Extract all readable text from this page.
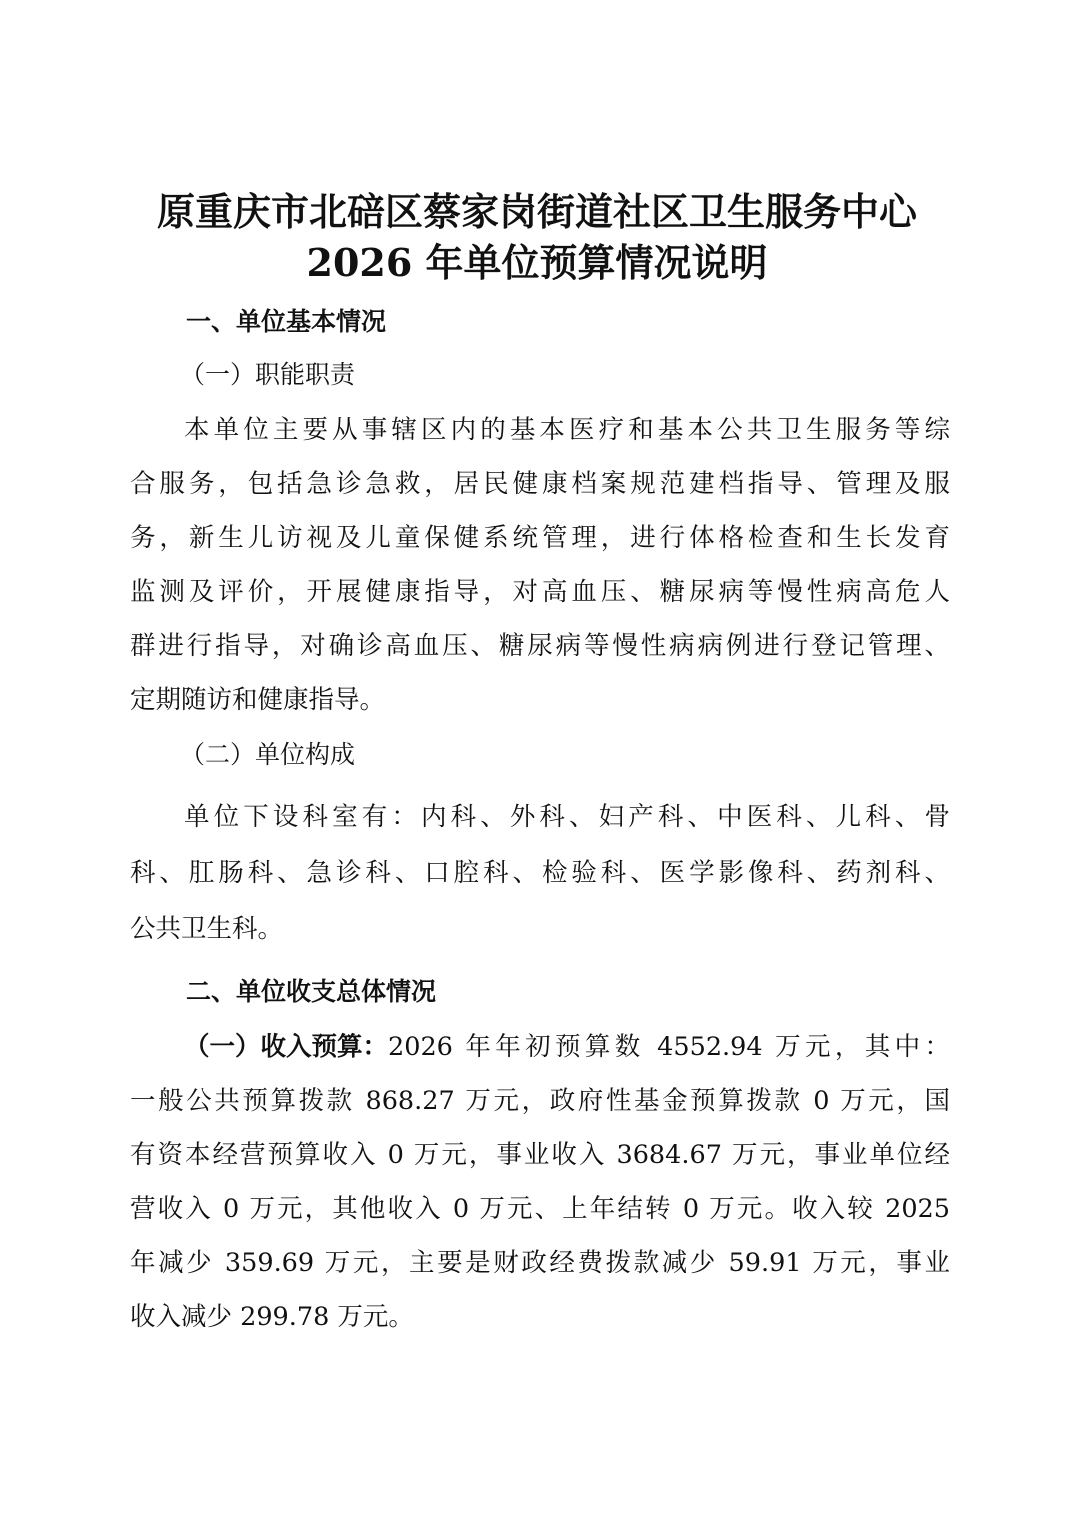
原重庆市北碚区蔡家岗街道社区卫生服务中心
2026 年单位预算情况说明
一、单位基本情况
（一）职能职责
本单位主要从事辖区内的基本医疗和基本公共卫生服务等综
合服务，包括急诊急救，居民健康档案规范建档指导、管理及服
务，新生儿访视及儿童保健系统管理，进行体格检查和生长发育
监测及评价，开展健康指导，对高血压、糖尿病等慢性病高危人
群进行指导，对确诊高血压、糖尿病等慢性病病例进行登记管理、
定期随访和健康指导。
（二）单位构成
单位下设科室有：内科、外科、妇产科、中医科、儿科、骨
科、肛肠科、急诊科、口腔科、检验科、医学影像科、药剂科、
公共卫生科。
二、单位收支总体情况
（一）收入预算： 2026 年年初预算数 4552.94 万元，其中：
一般公共预算拨款 868.27 万元，政府性基金预算拨款 0 万元，国
有资本经营预算收入 0 万元，事业收入 3684.67 万元，事业单位经
营收入 0 万元，其他收入 0 万元、上年结转 0 万元。收入较 2025
年减少 359.69 万元，主要是财政经费拨款减少 59.91 万元，事业
收入减少 299.78 万元。
